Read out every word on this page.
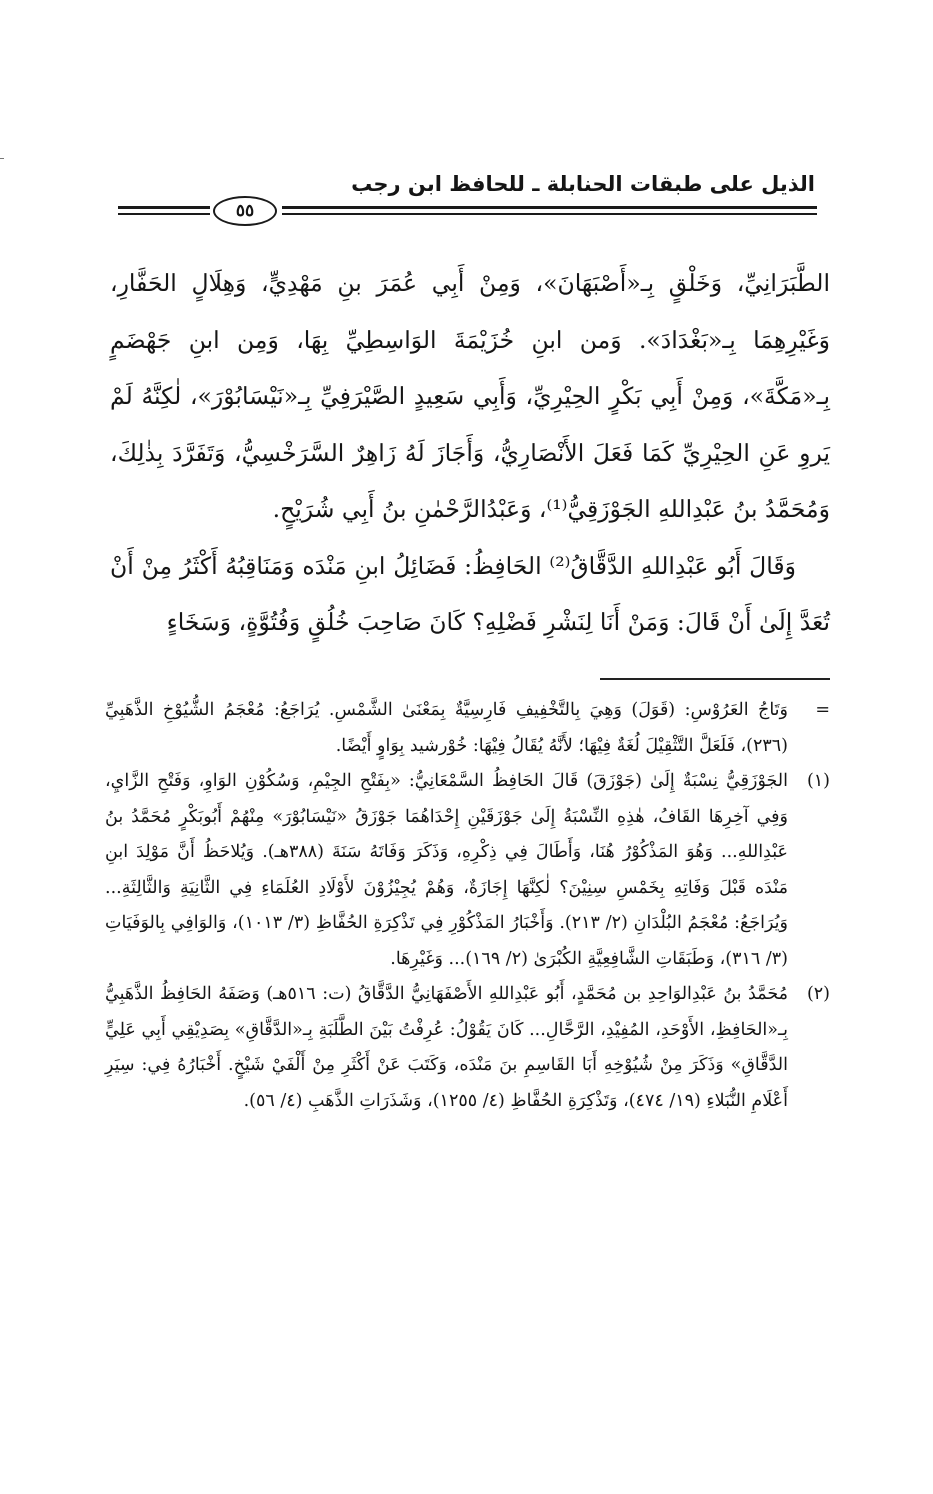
الذيل على طبقات الحنابلة ـ للحافظ ابن رجب
٥٥

الطَّبَرَانِيِّ، وَخَلْقٍ بِـ«أَصْبَهَانَ»، وَمِنْ أَبِي عُمَرَ بنِ مَهْدِيٍّ، وَهِلَالٍ الحَفَّارِ، وَغَيْرِهِمَا بِـ«بَغْدَادَ». وَمن ابنِ خُزَيْمَةَ الوَاسِطِيِّ بِهَا، وَمِن ابنِ جَهْضَمٍ بِـ«مَكَّةَ»، وَمِنْ أَبِي بَكْرٍ الحِيْرِيِّ، وَأَبِي سَعِيدٍ الصَّيْرَفِيِّ بِـ«نَيْسَابُوْرَ»، لٰكِنَّهُ لَمْ يَروِ عَنِ الحِيْرِيِّ كَمَا فَعَلَ الأَنْصَارِيُّ، وَأَجَازَ لَهُ زَاهِرٌ السَّرَخْسِيُّ، وَتَفَرَّدَ بِذٰلِكَ، وَمُحَمَّدُ بنُ عَبْدِاللهِ الجَوْزَقِيُّ⁽¹⁾، وَعَبْدُالرَّحْمٰنِ بنُ أَبِي شُرَيْحٍ.

وَقَالَ أَبُو عَبْدِاللهِ الدَّقَّاقُ⁽²⁾ الحَافِظُ: فَضَائِلُ ابنِ مَنْدَه وَمَنَاقِبُهُ أَكْثَرُ مِنْ أَنْ تُعَدَّ إِلَىٰ أَنْ قَالَ: وَمَنْ أَنَا لِنَشْرِ فَضْلِهِ؟ كَانَ صَاحِبَ خُلُقٍ وَفُتُوَّةٍ، وَسَخَاءٍ

=
وَتَاجُ العَرُوْسِ: (قَوَلَ) وَهِيَ بِالتَّخْفِيفِ فَارِسِيَّةٌ بِمَعْنَىٰ الشَّمْسِ. يُرَاجَعُ: مُعْجَمُ الشُّيُوْخِ الذَّهَبِيِّ (٢٣٦)، فَلَعَلَّ التَّثْقِيْلَ لُغَةٌ فِيْهَا؛ لأَنَّهُ يُقَالُ فِيْهَا: خُوْرشيد بِوَاوٍ أَيْضًا.
(١)
الجَوْزَقِيُّ نِسْبَةٌ إِلَىٰ (جَوْزَقَ) قَالَ الحَافِظُ السَّمْعَانِيُّ: «بِفَتْحِ الجِيْمِ، وَسُكُوْنِ الوَاوِ، وَفَتْحِ الزَّايِ، وَفِي آخِرِهَا القَافُ، هٰذِهِ النِّسْبَةُ إِلَىٰ جَوْزَقَيْنِ إِحْدَاهُمَا جَوْزَقُ «نَيْسَابُوْرَ» مِنْهُمْ أَبُوبَكْرٍ مُحَمَّدُ بنُ عَبْدِاللهِ... وَهُوَ المَذْكُوْرُ هُنَا، وَأَطَالَ فِي ذِكْرِهِ، وَذَكَرَ وَفَاتَهُ سَنَةَ (٣٨٨هـ). وَيُلاحَظُ أَنَّ مَوْلِدَ ابنِ مَنْدَه قَبْلَ وَفَاتِهِ بِخَمْسِ سِنِيْنَ؟ لٰكِنَّهَا إِجَازَةٌ، وَهُمْ يُجِيْزُوْنَ لأَوْلَادِ العُلَمَاءِ فِي الثَّانِيَةِ وَالثَّالِثَةِ... وَيُرَاجَعُ: مُعْجَمُ البُلْدَانِ (٢/ ٢١٣). وَأَخْبَارُ المَذْكُوْرِ فِي تَذْكِرَةِ الحُفَّاظِ (٣/ ١٠١٣)، وَالوَافِي بِالوَفَيَاتِ (٣/ ٣١٦)، وَطَبَقَاتِ الشَّافِعِيَّةِ الكُبْرَىٰ (٢/ ١٦٩)... وَغَيْرِهَا.
(٢)
مُحَمَّدُ بنُ عَبْدِالوَاحِدِ بن مُحَمَّدٍ، أَبُو عَبْدِاللهِ الأَصْفَهَانِيُّ الدَّقَّاقُ (ت: ٥١٦هـ) وَصَفَهُ الحَافِظُ الذَّهَبِيُّ بِـ«الحَافِظِ، الأَوْحَدِ، المُفِيْدِ، الرَّحَّالِ... كَانَ يَقُوْلُ: عُرِفْتُ بَيْنَ الطَّلَبَةِ بِـ«الدَّقَّاقِ» بِصَدِيْقِي أَبِي عَلِيٍّ الدَّقَّاقِ» وَذَكَرَ مِنْ شُيُوْخِهِ أَبَا القَاسِمِ بنَ مَنْدَه، وَكَتَبَ عَنْ أَكْثَرِ مِنْ أَلْفَيْ شَيْخٍ. أَخْبَارُهُ فِي: سِيَرِ أَعْلَامِ النُّبَلاءِ (١٩/ ٤٧٤)، وَتَذْكِرَةِ الحُفَّاظِ (٤/ ١٢٥٥)، وَشَذَرَاتِ الذَّهَبِ (٤/ ٥٦).
